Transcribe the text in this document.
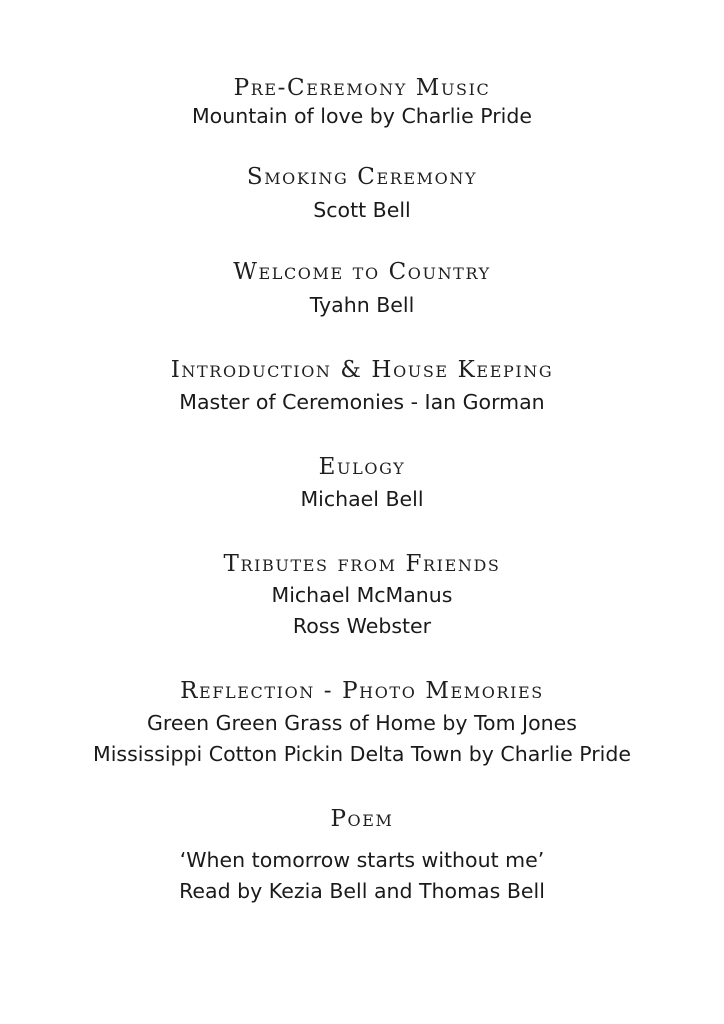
Pre-Ceremony Music
Mountain of love by Charlie Pride
Smoking Ceremony
Scott Bell
Welcome to Country
Tyahn Bell
Introduction & House Keeping
Master of Ceremonies - Ian Gorman
Eulogy
Michael Bell
Tributes from Friends
Michael McManus
Ross Webster
Reflection - Photo Memories
Green Green Grass of Home by Tom Jones
Mississippi Cotton Pickin Delta Town by Charlie Pride
Poem
‘When tomorrow starts without me’
Read by Kezia Bell and Thomas Bell
